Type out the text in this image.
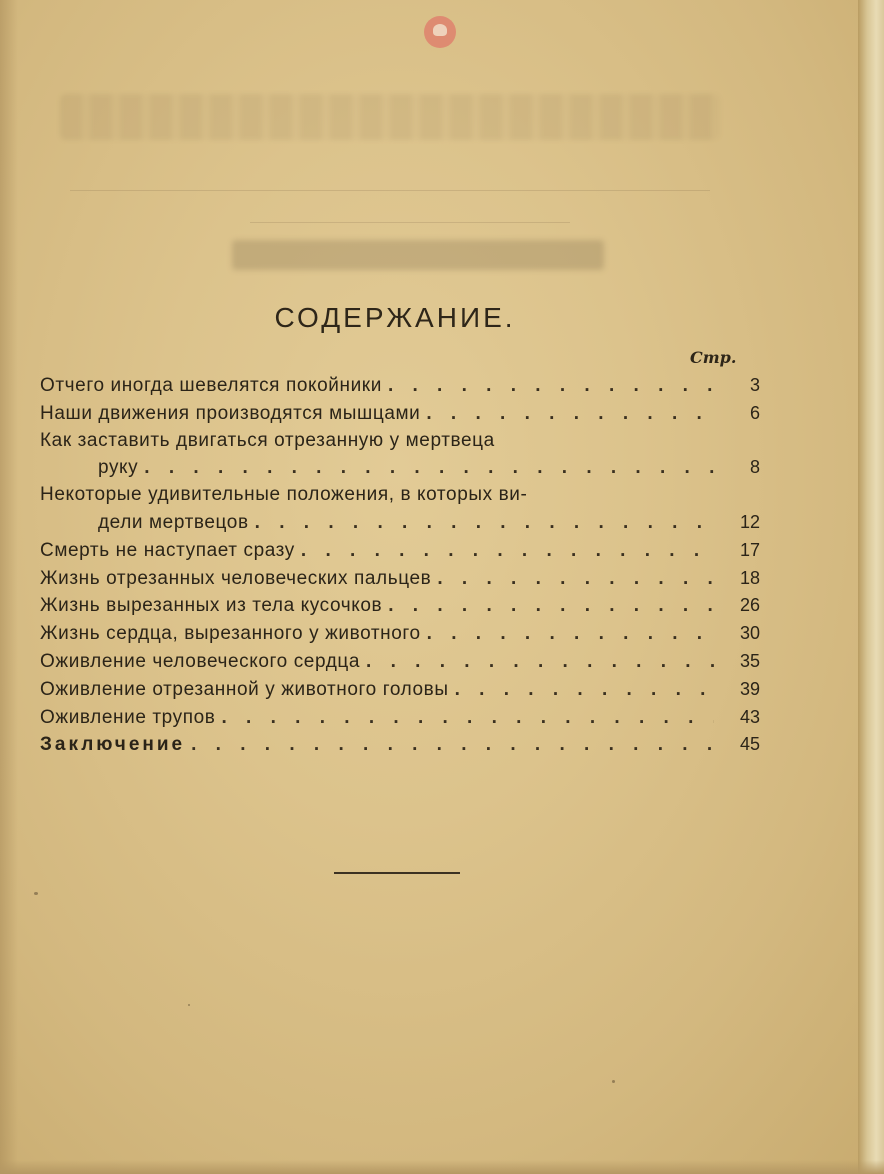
СОДЕРЖАНИЕ.
Стр.
Отчего иногда шевелятся покойники . . .	3
Наши движения производятся мышцами . . .	6
Как заставить двигаться отрезанную у мертвеца
руку . . .	8
Некоторые удивительные положения, в которых ви-
дели мертвецов . . .	12
Смерть не наступает сразу . . .	17
Жизнь отрезанных человеческих пальцев . . .	18
Жизнь вырезанных из тела кусочков . . .	26
Жизнь сердца, вырезанного у животного . . .	30
Оживление человеческого сердца . . .	35
Оживление отрезанной у животного головы . . .	39
Оживление трупов . . .	43
Заключение . . .	45
